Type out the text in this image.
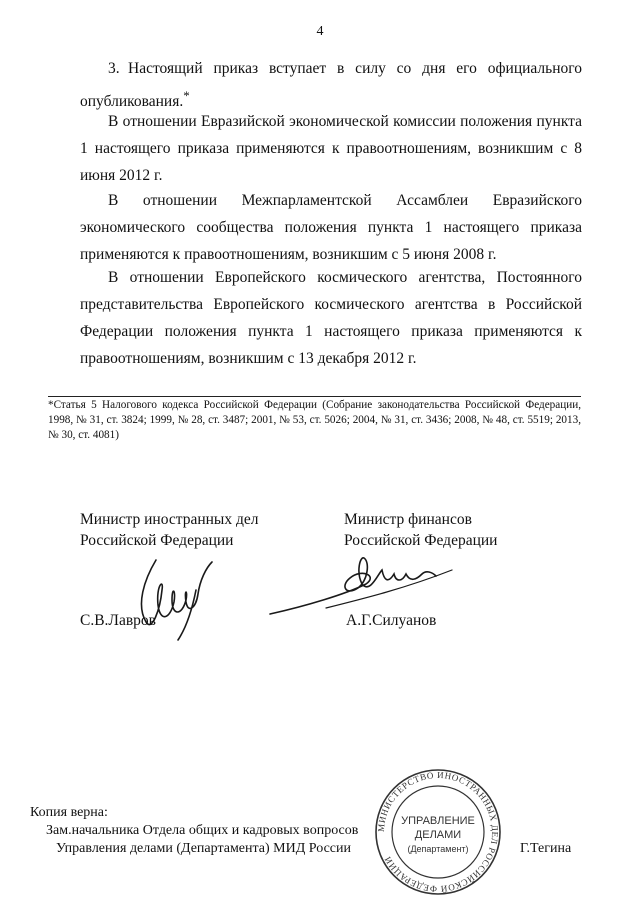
4

3. Настоящий приказ вступает в силу со дня его официального опубликования.*

В отношении Евразийской экономической комиссии положения пункта 1 настоящего приказа применяются к правоотношениям, возникшим с 8 июня 2012 г.

В отношении Межпарламентской Ассамблеи Евразийского экономического сообщества положения пункта 1 настоящего приказа применяются к правоотношениям, возникшим с 5 июня 2008 г.

В отношении Европейского космического агентства, Постоянного представительства Европейского космического агентства в Российской Федерации положения пункта 1 настоящего приказа применяются к правоотношениям, возникшим с 13 декабря 2012 г.

*Статья 5 Налогового кодекса Российской Федерации (Собрание законодательства Российской Федерации, 1998, № 31, ст. 3824; 1999, № 28, ст. 3487; 2001, № 53, ст. 5026; 2004, № 31, ст. 3436; 2008, № 48, ст. 5519; 2013, № 30, ст. 4081)

Министр иностранных дел
Российской Федерации
Министр финансов
Российской Федерации
С.В.Лавров	А.Г.Силуанов
Копия верна:
Зам.начальника Отдела общих и кадровых вопросов
Управления делами (Департамента) МИД России
МИНИСТЕРСТВО ИНОСТРАННЫХ ДЕЛ РОССИЙСКОЙ ФЕДЕРАЦИИ
УПРАВЛЕНИЕ
ДЕЛАМИ
(Департамент)	Г.Тегина
